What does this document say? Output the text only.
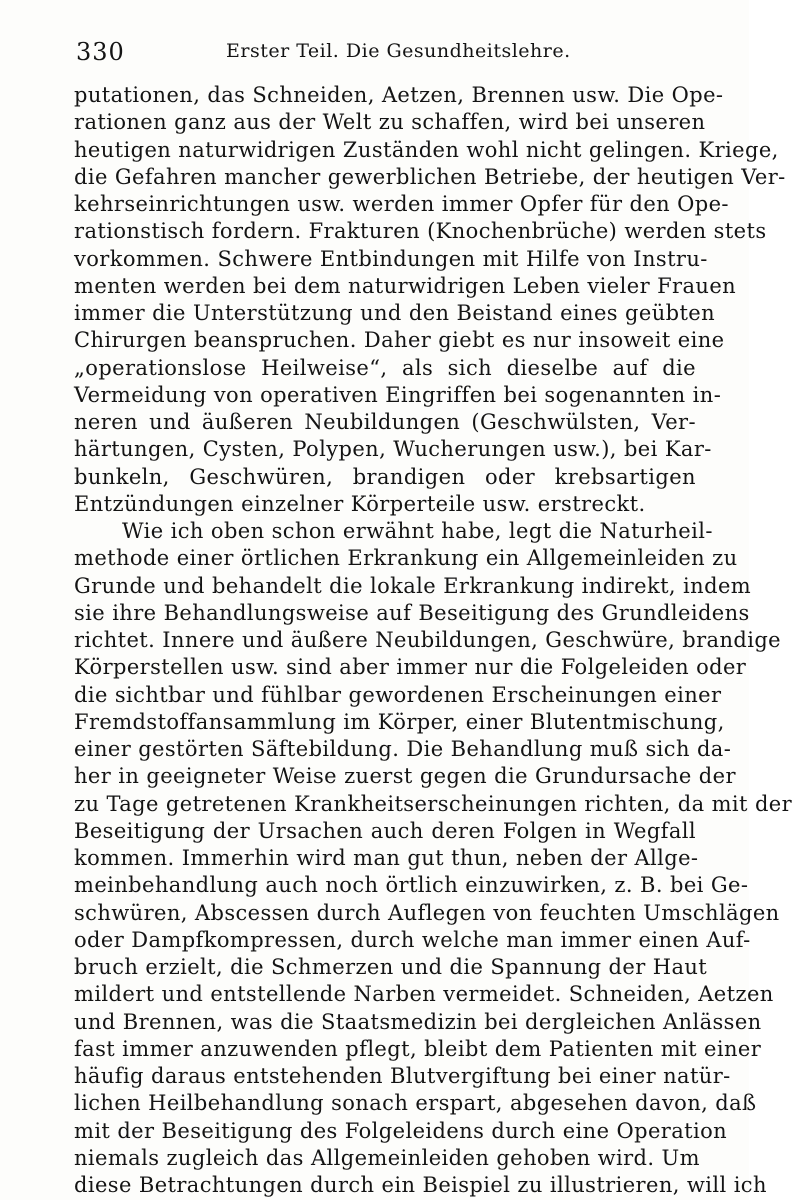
330	Erster Teil. Die Gesundheitslehre.
putationen, das Schneiden, Aetzen, Brennen usw. Die Ope-
rationen ganz aus der Welt zu schaffen, wird bei unseren
heutigen naturwidrigen Zuständen wohl nicht gelingen. Kriege,
die Gefahren mancher gewerblichen Betriebe, der heutigen Ver-
kehrseinrichtungen usw. werden immer Opfer für den Ope-
rationstisch fordern. Frakturen (Knochenbrüche) werden stets
vorkommen. Schwere Entbindungen mit Hilfe von Instru-
menten werden bei dem naturwidrigen Leben vieler Frauen
immer die Unterstützung und den Beistand eines geübten
Chirurgen beanspruchen. Daher giebt es nur insoweit eine
„operationslose Heilweise“, als sich dieselbe auf die
Vermeidung von operativen Eingriffen bei sogenannten in-
neren und äußeren Neubildungen (Geschwülsten, Ver-
härtungen, Cysten, Polypen, Wucherungen usw.), bei Kar-
bunkeln, Geschwüren, brandigen oder krebsartigen
Entzündungen einzelner Körperteile usw. erstreckt.
Wie ich oben schon erwähnt habe, legt die Naturheil-
methode einer örtlichen Erkrankung ein Allgemeinleiden zu
Grunde und behandelt die lokale Erkrankung indirekt, indem
sie ihre Behandlungsweise auf Beseitigung des Grundleidens
richtet. Innere und äußere Neubildungen, Geschwüre, brandige
Körperstellen usw. sind aber immer nur die Folgeleiden oder
die sichtbar und fühlbar gewordenen Erscheinungen einer
Fremdstoffansammlung im Körper, einer Blutentmischung,
einer gestörten Säftebildung. Die Behandlung muß sich da-
her in geeigneter Weise zuerst gegen die Grundursache der
zu Tage getretenen Krankheitserscheinungen richten, da mit der
Beseitigung der Ursachen auch deren Folgen in Wegfall
kommen. Immerhin wird man gut thun, neben der Allge-
meinbehandlung auch noch örtlich einzuwirken, z. B. bei Ge-
schwüren, Abscessen durch Auflegen von feuchten Umschlägen
oder Dampfkompressen, durch welche man immer einen Auf-
bruch erzielt, die Schmerzen und die Spannung der Haut
mildert und entstellende Narben vermeidet. Schneiden, Aetzen
und Brennen, was die Staatsmedizin bei dergleichen Anlässen
fast immer anzuwenden pflegt, bleibt dem Patienten mit einer
häufig daraus entstehenden Blutvergiftung bei einer natür-
lichen Heilbehandlung sonach erspart, abgesehen davon, daß
mit der Beseitigung des Folgeleidens durch eine Operation
niemals zugleich das Allgemeinleiden gehoben wird. Um
diese Betrachtungen durch ein Beispiel zu illustrieren, will ich
